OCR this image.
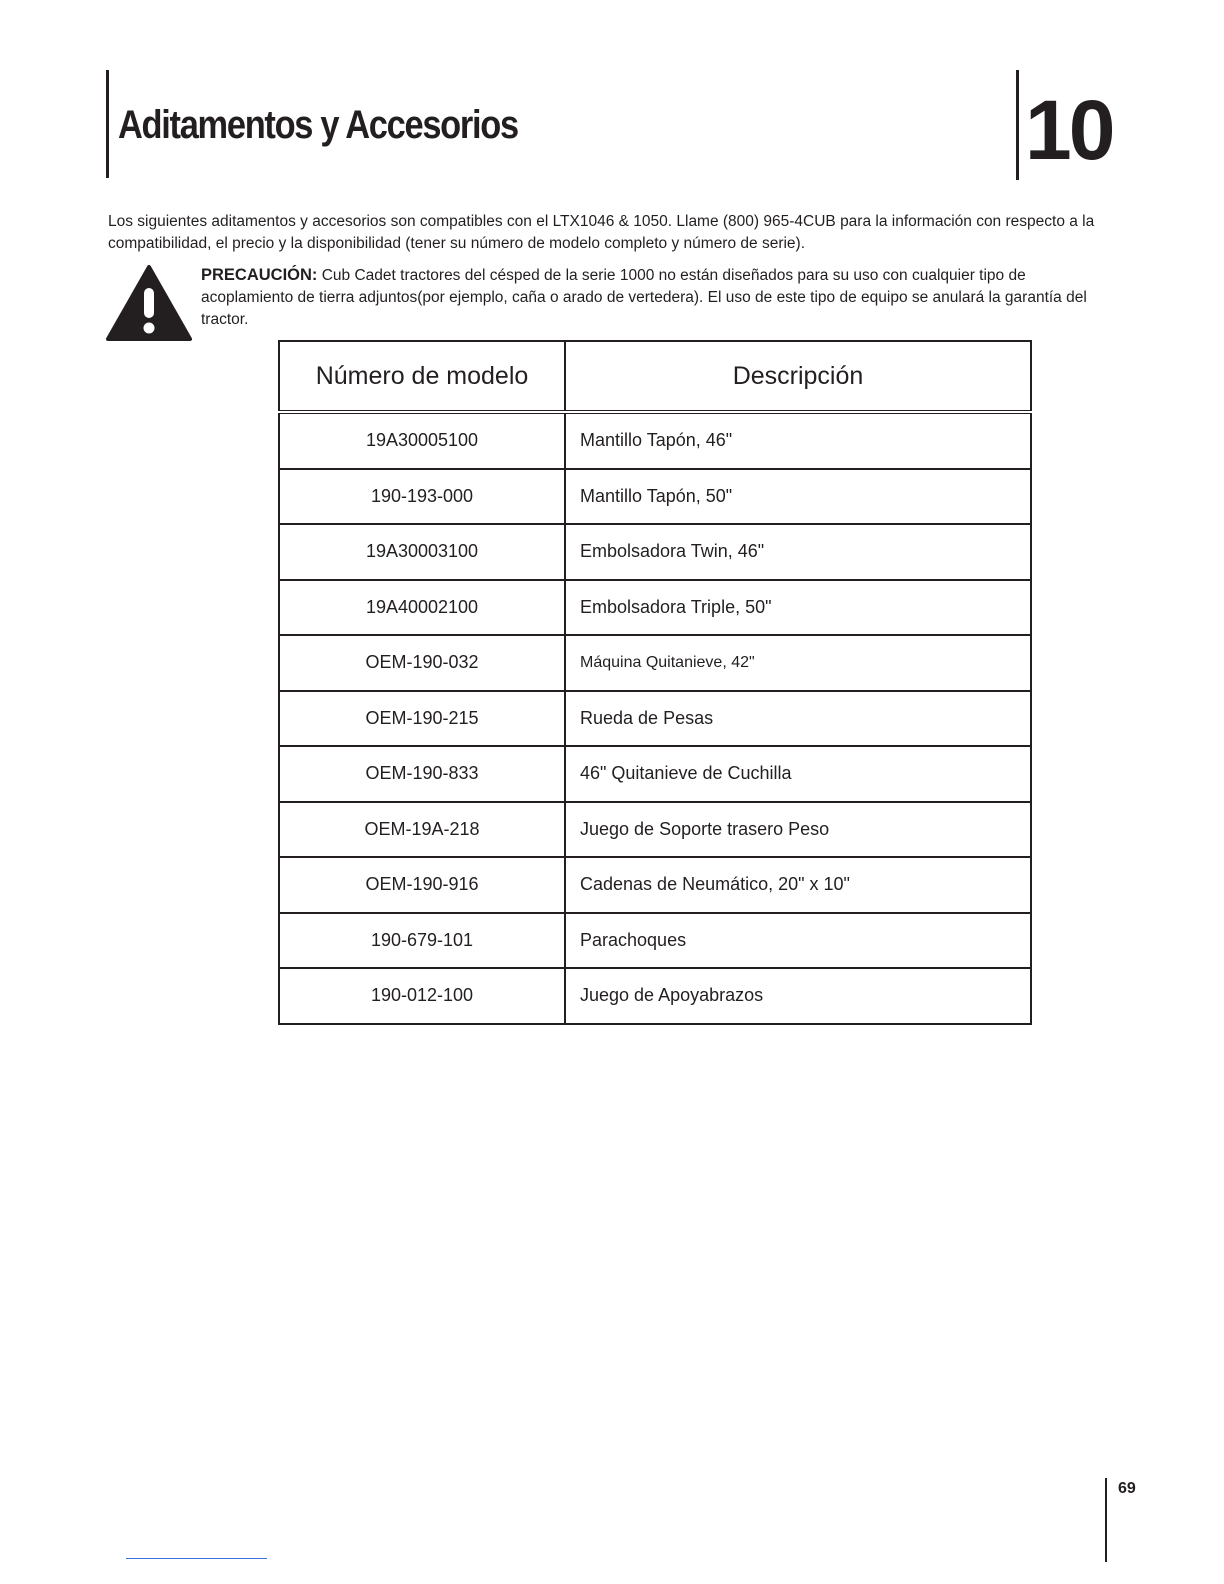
Aditamentos y Accesorios	10

Los siguientes aditamentos y accesorios son compatibles con el LTX1046 & 1050. Llame (800) 965-4CUB para la información con respecto a la compatibilidad, el precio y la disponibilidad (tener su número de modelo completo y número de serie).

PRECAUCIÓN: Cub Cadet tractores del césped de la serie 1000 no están diseñados para su uso con cualquier tipo de acoplamiento de tierra adjuntos(por ejemplo, caña o arado de vertedera). El uso de este tipo de equipo se anulará la garantía del tractor.

Número de modelo	Descripción
19A30005100	Mantillo Tapón, 46"
190-193-000	Mantillo Tapón, 50"
19A30003100	Embolsadora Twin, 46"
19A40002100	Embolsadora Triple, 50"
OEM-190-032	Máquina Quitanieve, 42"
OEM-190-215	Rueda de Pesas
OEM-190-833	46" Quitanieve de Cuchilla
OEM-19A-218	Juego de Soporte trasero Peso
OEM-190-916	Cadenas de Neumático, 20" x 10"
190-679-101	Parachoques
190-012-100	Juego de Apoyabrazos
69
